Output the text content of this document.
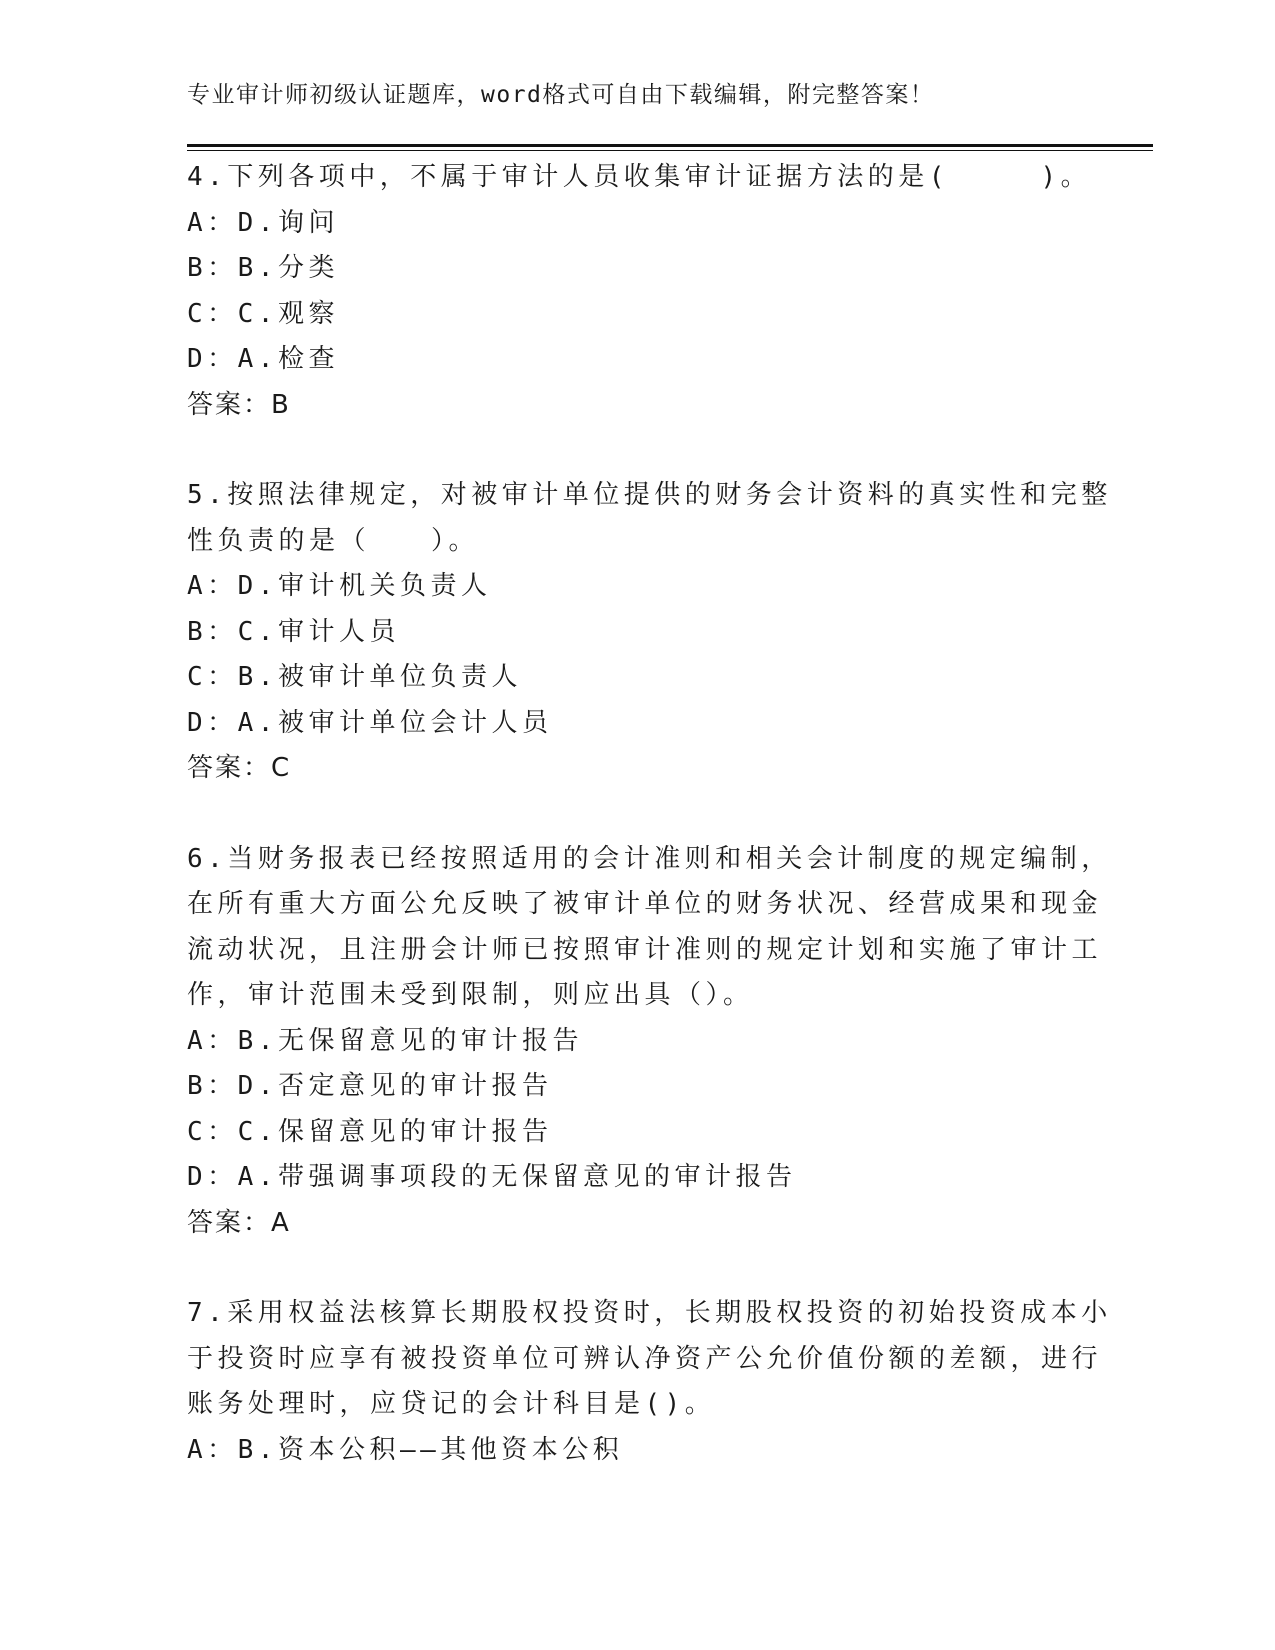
专业审计师初级认证题库，word格式可自由下载编辑，附完整答案！
4.下列各项中，不属于审计人员收集审计证据方法的是(　　　)。
A：D.询问
B：B.分类
C：C.观察
D：A.检查
答案：B
5.按照法律规定，对被审计单位提供的财务会计资料的真实性和完整
性负责的是（　　）。
A：D.审计机关负责人
B：C.审计人员
C：B.被审计单位负责人
D：A.被审计单位会计人员
答案：C
6.当财务报表已经按照适用的会计准则和相关会计制度的规定编制，
在所有重大方面公允反映了被审计单位的财务状况、经营成果和现金
流动状况，且注册会计师已按照审计准则的规定计划和实施了审计工
作，审计范围未受到限制，则应出具（）。
A：B.无保留意见的审计报告
B：D.否定意见的审计报告
C：C.保留意见的审计报告
D：A.带强调事项段的无保留意见的审计报告
答案：A
7.采用权益法核算长期股权投资时，长期股权投资的初始投资成本小
于投资时应享有被投资单位可辨认净资产公允价值份额的差额，进行
账务处理时，应贷记的会计科目是()。
A：B.资本公积——其他资本公积
